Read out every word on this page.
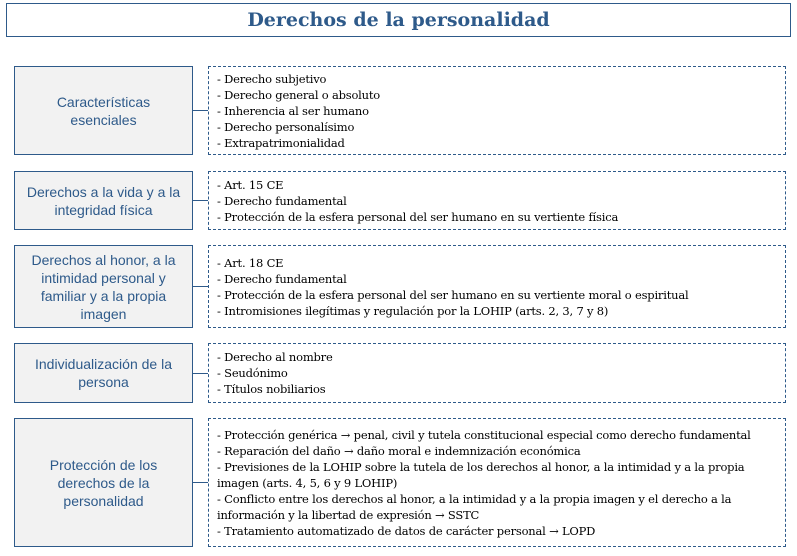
Derechos de la personalidad
Características esenciales
- Derecho subjetivo
- Derecho general o absoluto
- Inherencia al ser humano
- Derecho personalísimo
- Extrapatrimonialidad
Derechos a la vida y a la integridad física
- Art. 15 CE
- Derecho fundamental
- Protección de la esfera personal del ser humano en su vertiente física
Derechos al honor, a la intimidad personal y familiar y a la propia imagen
- Art. 18 CE
- Derecho fundamental
- Protección de la esfera personal del ser humano en su vertiente moral o espiritual
- Intromisiones ilegítimas y regulación por la LOHIP (arts. 2, 3, 7 y 8)
Individualización de la persona
- Derecho al nombre
- Seudónimo
- Títulos nobiliarios
Protección de los derechos de la personalidad
- Protección genérica → penal, civil y tutela constitucional especial como derecho fundamental
- Reparación del daño → daño moral e indemnización económica
- Previsiones de la LOHIP sobre la tutela de los derechos al honor, a la intimidad y a la propia imagen (arts. 4, 5, 6 y 9 LOHIP)
- Conflicto entre los derechos al honor, a la intimidad y a la propia imagen y el derecho a la información y la libertad de expresión → SSTC
- Tratamiento automatizado de datos de carácter personal → LOPD
